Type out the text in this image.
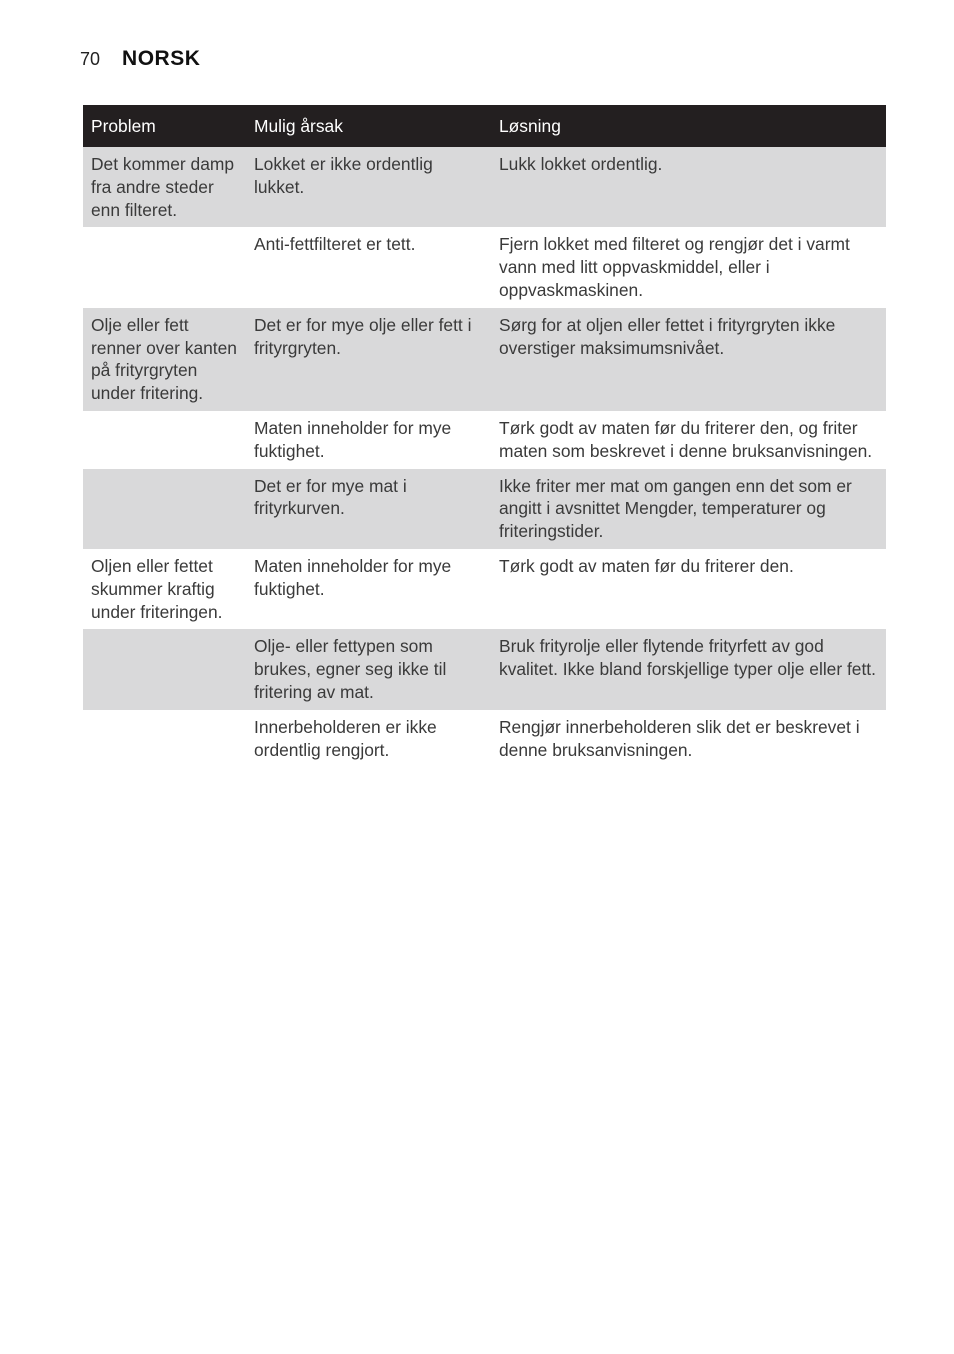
70 NORSK
Problem	Mulig årsak	Løsning
Det kommer damp fra andre steder enn filteret.	Lokket er ikke ordentlig lukket.	Lukk lokket ordentlig.
	Anti-fettfilteret er tett.	Fjern lokket med filteret og rengjør det i varmt vann med litt oppvaskmiddel, eller i oppvaskmaskinen.
Olje eller fett renner over kanten på frityrgryten under fritering.	Det er for mye olje eller fett i frityrgryten.	Sørg for at oljen eller fettet i frityrgryten ikke overstiger maksimumsnivået.
	Maten inneholder for mye fuktighet.	Tørk godt av maten før du friterer den, og friter maten som beskrevet i denne bruksanvisningen.
	Det er for mye mat i frityrkurven.	Ikke friter mer mat om gangen enn det som er angitt i avsnittet Mengder, temperaturer og friteringstider.
Oljen eller fettet skummer kraftig under friteringen.	Maten inneholder for mye fuktighet.	Tørk godt av maten før du friterer den.
	Olje- eller fettypen som brukes, egner seg ikke til fritering av mat.	Bruk frityrolje eller flytende frityrfett av god kvalitet. Ikke bland forskjellige typer olje eller fett.
	Innerbeholderen er ikke ordentlig rengjort.	Rengjør innerbeholderen slik det er beskrevet i denne bruksanvisningen.
